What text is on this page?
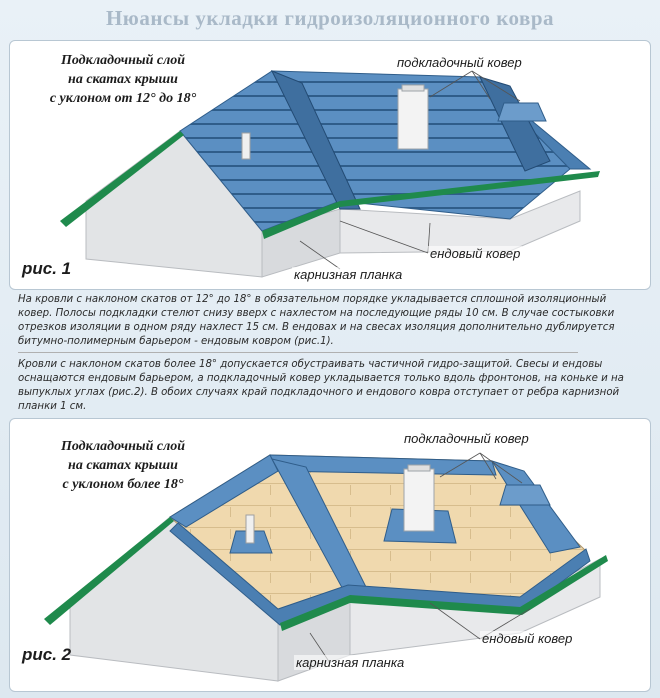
Нюансы укладки гидроизоляционного ковра
Подкладочный слой
на скатах крыши
с уклоном от 12° до 18°
подкладочный ковер
ендовый ковер
карнизная планка
рис. 1
На кровли с наклоном скатов от 12° до 18° в обязательном порядке укладывается сплошной изоляционный ковер. Полосы подкладки стелют снизу вверх с нахлестом на последующие ряды 10 см. В случае состыковки отрезков изоляции в одном ряду нахлест 15 см. В ендовах и на свесах изоляция дополнительно дублируется битумно-полимерным барьером - ендовым ковром (рис.1).
Кровли с наклоном скатов более 18° допускается обустраивать частичной гидро-защитой. Свесы и ендовы оснащаются ендовым барьером, а подкладочный ковер укладывается только вдоль фронтонов, на коньке и на выпуклых углах (рис.2). В обоих случаях край подкладочного и ендового ковра отступает от ребра карнизной планки 1 см.
Подкладочный слой
на скатах крыши
с уклоном более 18°
подкладочный ковер
ендовый ковер
карнизная планка
рис. 2
